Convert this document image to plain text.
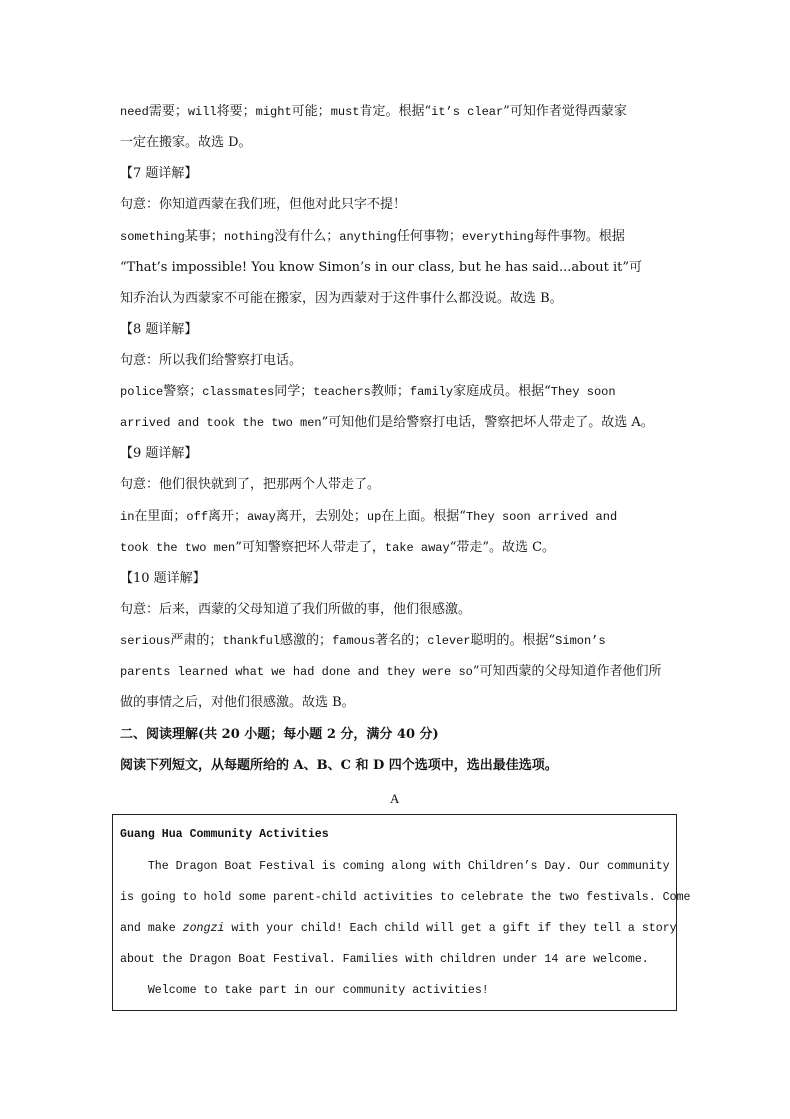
need需要；will将要；might可能；must肯定。根据“it’s clear”可知作者觉得西蒙家
一定在搬家。故选 D。
【7 题详解】
句意：你知道西蒙在我们班，但他对此只字不提！
something某事；nothing没有什么；anything任何事物；everything每件事物。根据
“That’s impossible! You know Simon’s in our class, but he has said...about it”可
知乔治认为西蒙家不可能在搬家，因为西蒙对于这件事什么都没说。故选 B。
【8 题详解】
句意：所以我们给警察打电话。
police警察；classmates同学；teachers教师；family家庭成员。根据“They soon
arrived and took the two men”可知他们是给警察打电话，警察把坏人带走了。故选 A。
【9 题详解】
句意：他们很快就到了，把那两个人带走了。
in在里面；off离开；away离开，去别处；up在上面。根据“They soon arrived and
took the two men”可知警察把坏人带走了，take away“带走”。故选 C。
【10 题详解】
句意：后来，西蒙的父母知道了我们所做的事，他们很感激。
serious严肃的；thankful感激的；famous著名的；clever聪明的。根据“Simon’s
parents learned what we had done and they were so”可知西蒙的父母知道作者他们所
做的事情之后，对他们很感激。故选 B。
二、阅读理解(共 20 小题；每小题 2 分，满分 40 分)
阅读下列短文，从每题所给的 A、B、C 和 D 四个选项中，选出最佳选项。
A
Guang Hua Community Activities
The Dragon Boat Festival is coming along with Children’s Day. Our community
is going to hold some parent-child activities to celebrate the two festivals. Come
and make zongzi with your child! Each child will get a gift if they tell a story
about the Dragon Boat Festival. Families with children under 14 are welcome.
Welcome to take part in our community activities!
